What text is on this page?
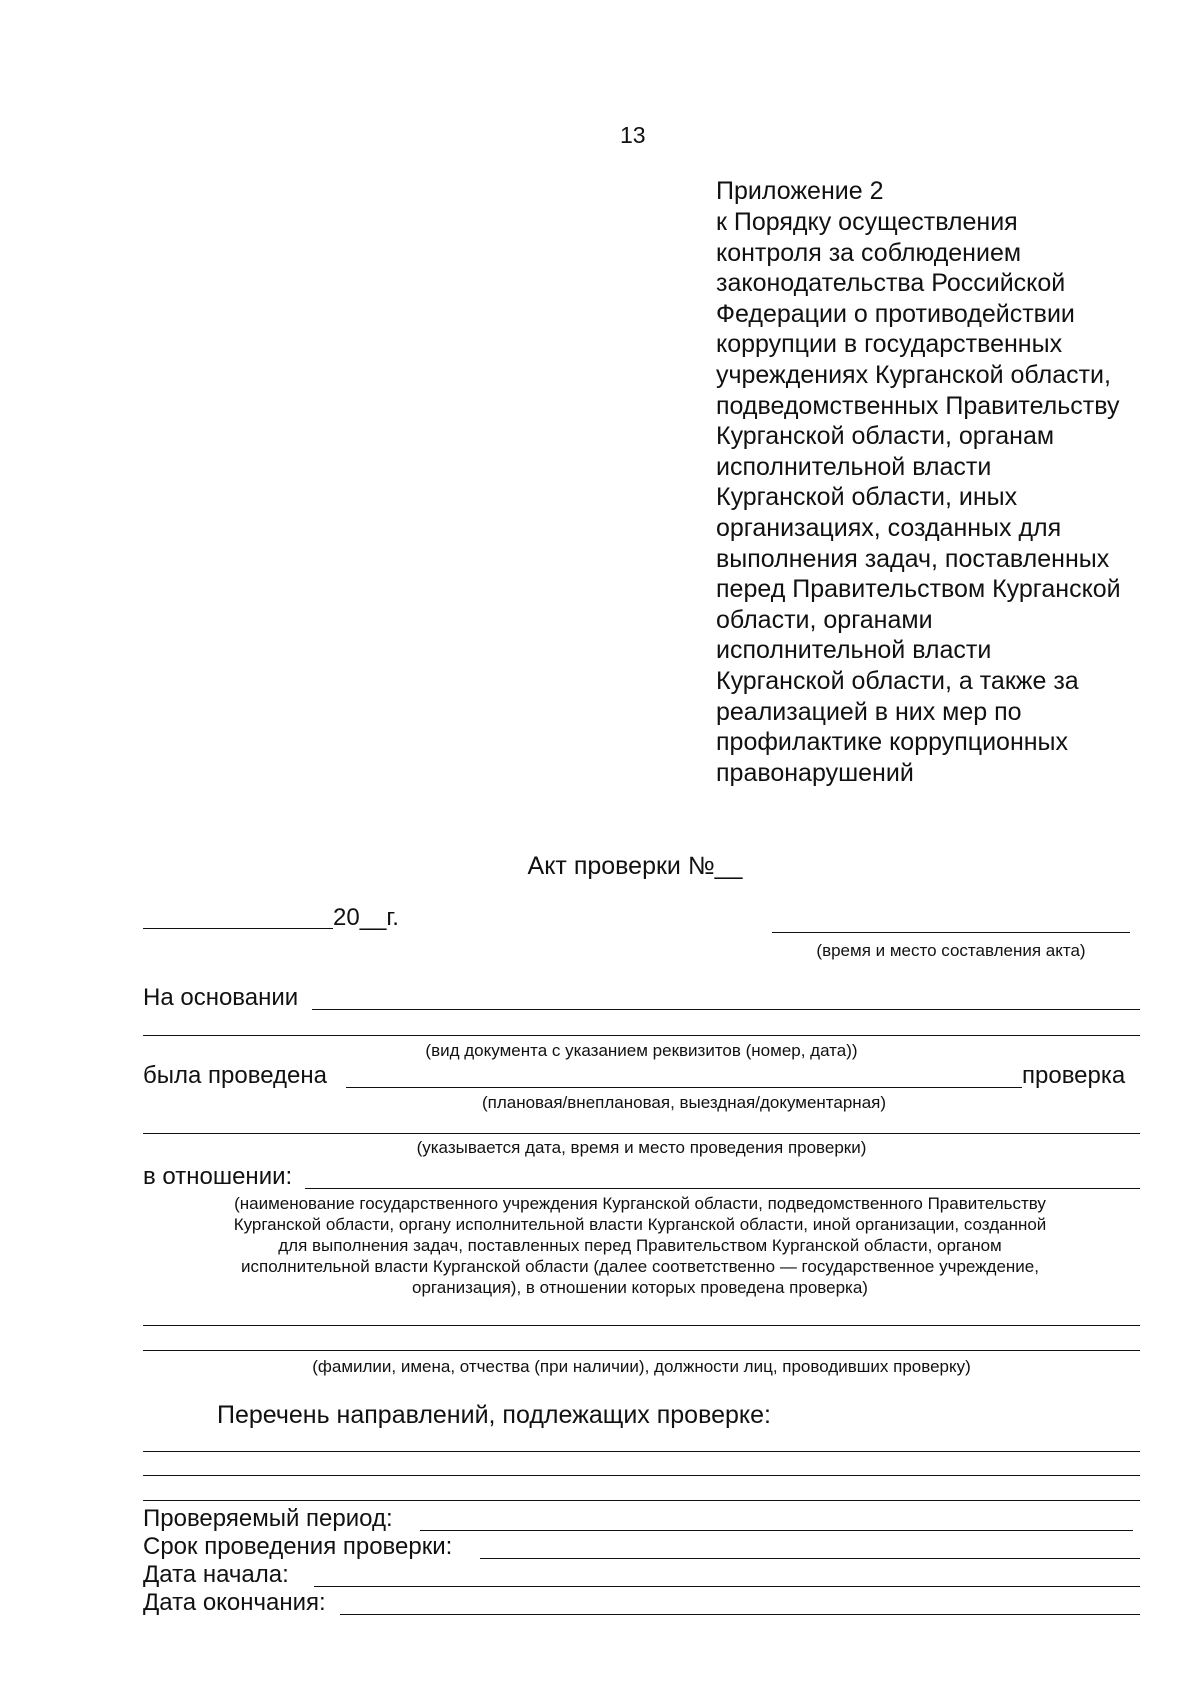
13
Приложение 2
к Порядку осуществления
контроля за соблюдением
законодательства Российской
Федерации о противодействии
коррупции в государственных
учреждениях Курганской области,
подведомственных Правительству
Курганской области, органам
исполнительной власти
Курганской области, иных
организациях, созданных для
выполнения задач, поставленных
перед Правительством Курганской
области, органами
исполнительной власти
Курганской области, а также за
реализацией в них мер по
профилактике коррупционных
правонарушений
Акт проверки №__
20__г.
(время и место составления акта)
На основании
(вид документа с указанием реквизитов (номер, дата))
была проведена	проверка
(плановая/внеплановая, выездная/документарная)
(указывается дата, время и место проведения проверки)
в отношении:
(наименование государственного учреждения Курганской области, подведомственного Правительству
Курганской области, органу исполнительной власти Курганской области, иной организации, созданной
для выполнения задач, поставленных перед Правительством Курганской области, органом
исполнительной власти Курганской области (далее соответственно — государственное учреждение,
организация), в отношении которых проведена проверка)
(фамилии, имена, отчества (при наличии), должности лиц, проводивших проверку)
Перечень направлений, подлежащих проверке:
Проверяемый период:
Срок проведения проверки:
Дата начала:
Дата окончания:
